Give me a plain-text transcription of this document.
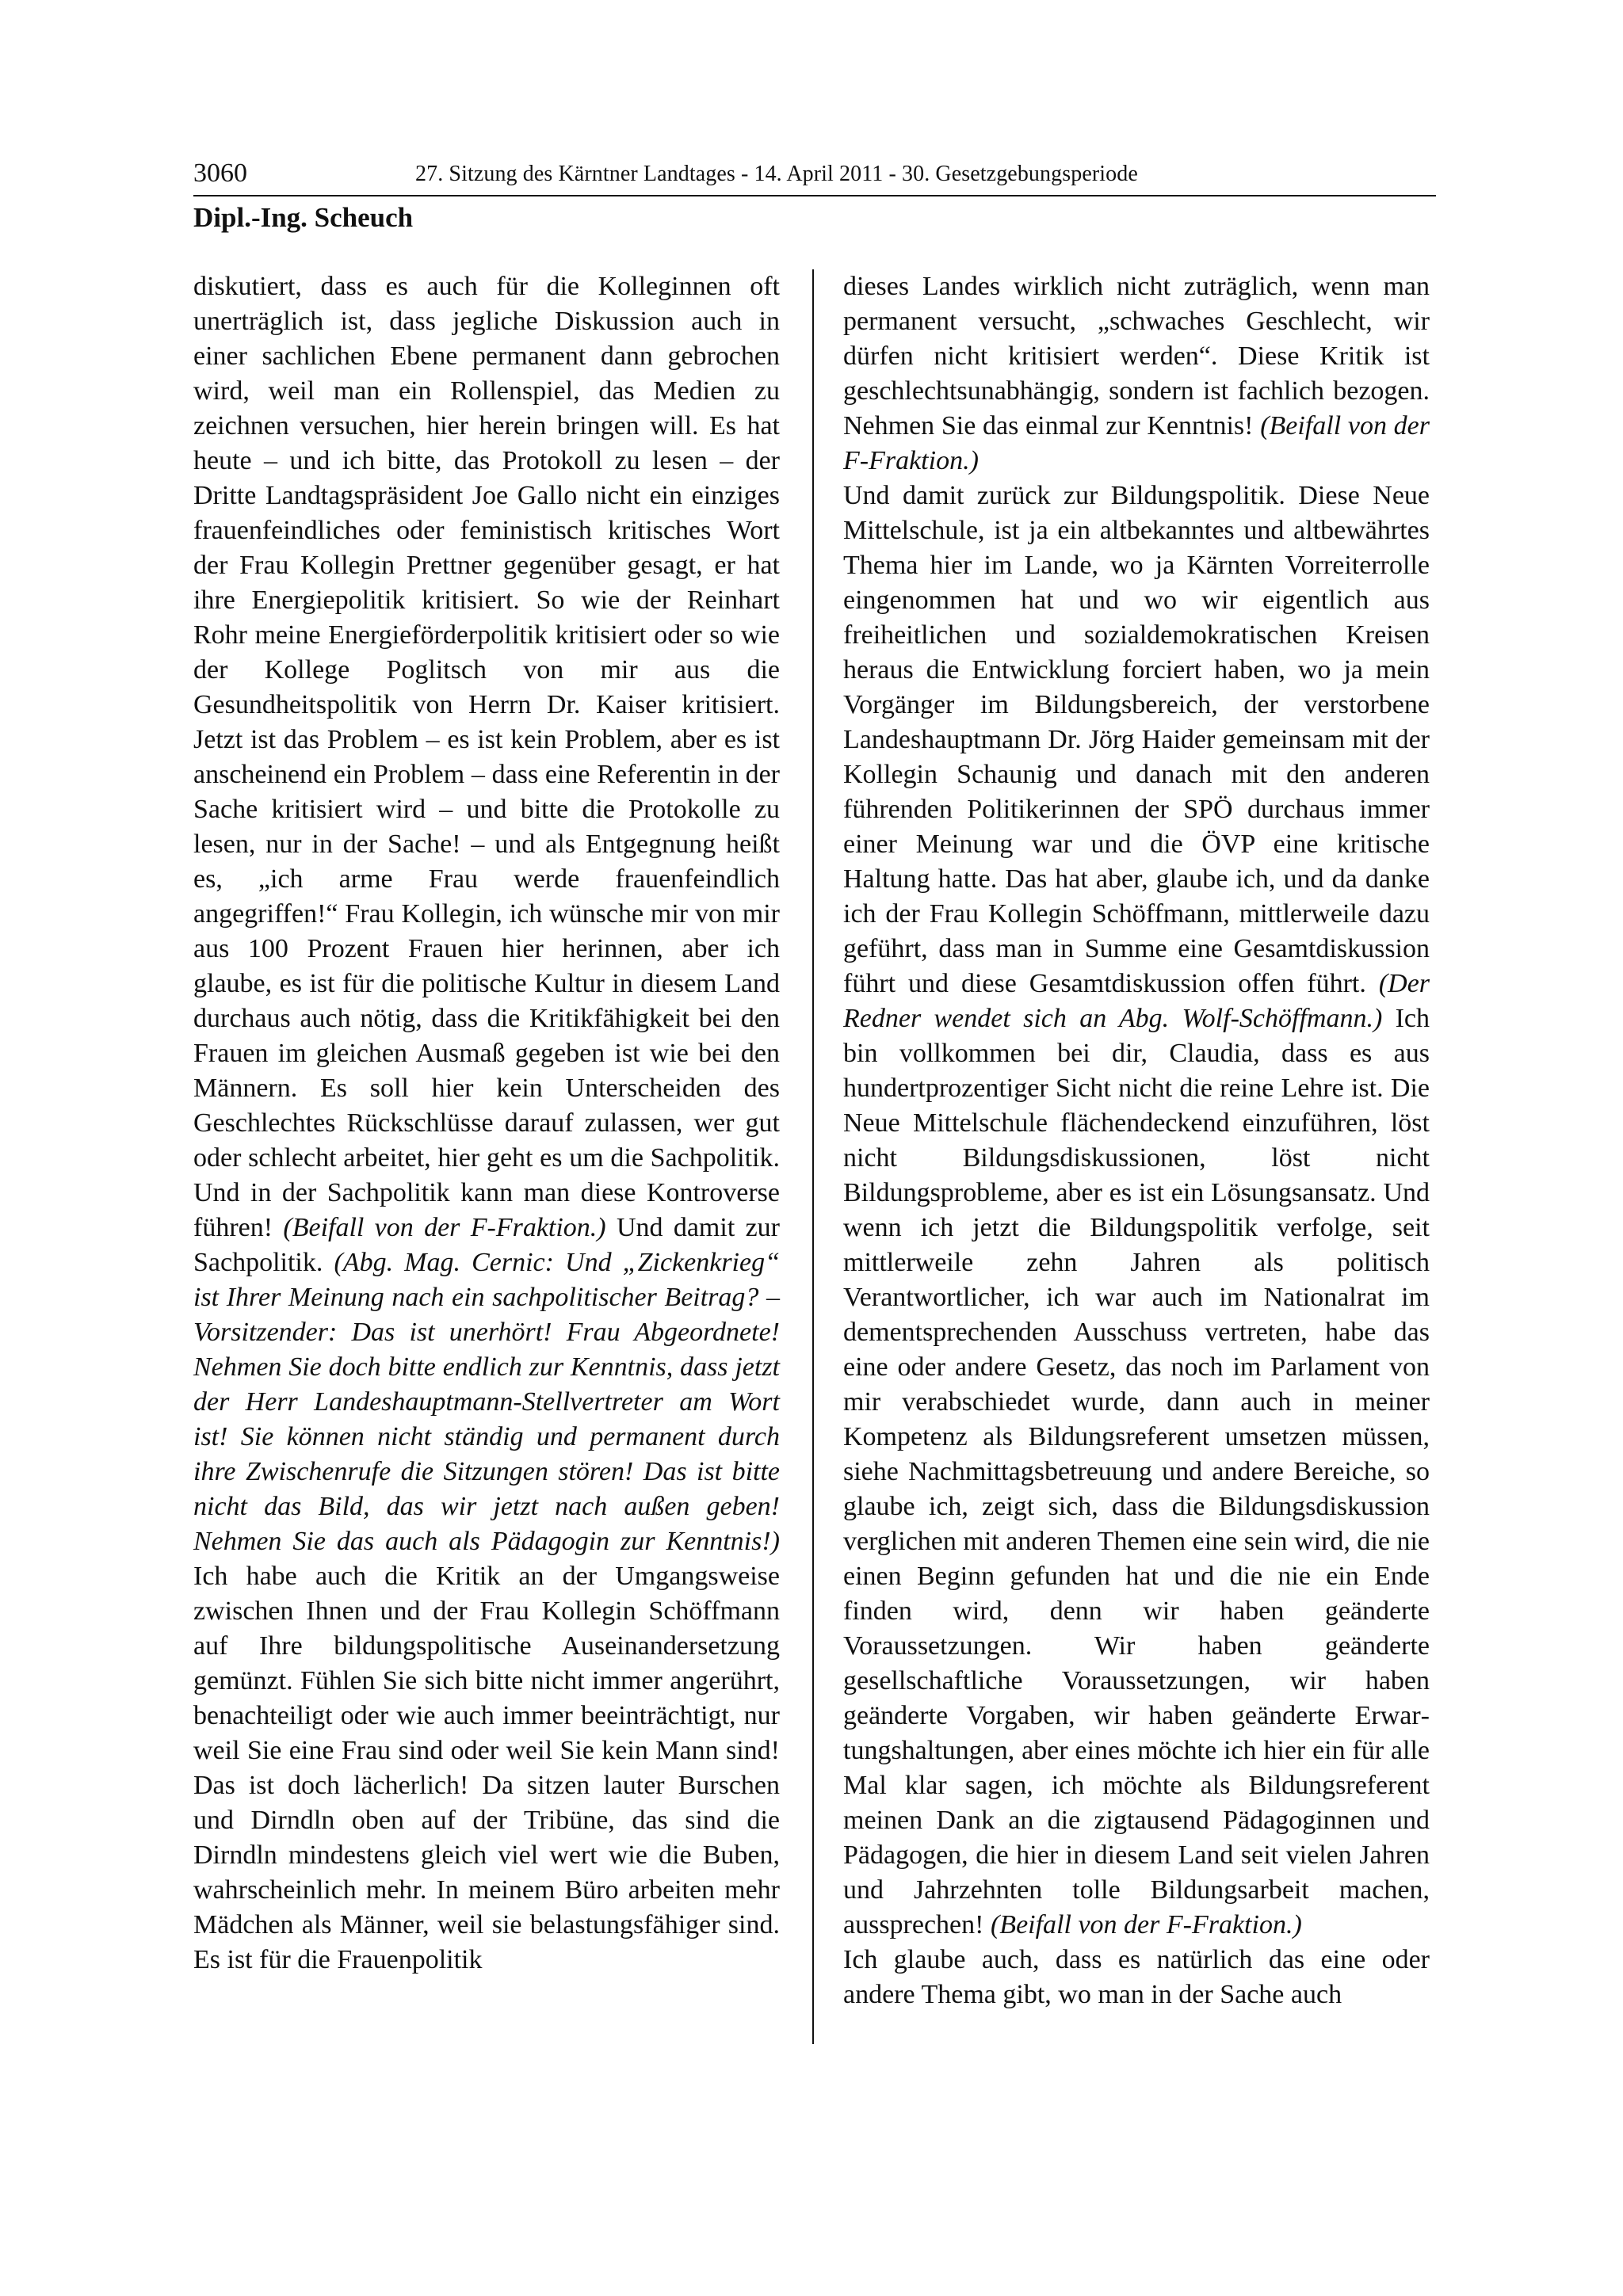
3060	27. Sitzung des Kärntner Landtages - 14. April 2011 - 30. Gesetzgebungsperiode
Dipl.-Ing. Scheuch

diskutiert, dass es auch für die Kolleginnen oft unerträglich ist, dass jegliche Diskussion auch in einer sachlichen Ebene permanent dann gebrochen wird, weil man ein Rollenspiel, das Medien zu zeichnen versuchen, hier herein bringen will. Es hat heute – und ich bitte, das Protokoll zu lesen – der Dritte Landtagspräsident Joe Gallo nicht ein einziges frauenfeindliches oder feministisch kritisches Wort der Frau Kollegin Prettner gegenüber gesagt, er hat ihre Energiepolitik kritisiert. So wie der Reinhart Rohr meine Energieförderpolitik kritisiert oder so wie der Kollege Poglitsch von mir aus die Gesundheitspolitik von Herrn Dr. Kaiser kritisiert. Jetzt ist das Problem – es ist kein Problem, aber es ist anscheinend ein Problem – dass eine Referentin in der Sache kritisiert wird – und bitte die Protokolle zu lesen, nur in der Sache! – und als Entgegnung heißt es, „ich arme Frau werde frauenfeindlich angegriffen!“ Frau Kollegin, ich wünsche mir von mir aus 100 Prozent Frauen hier herinnen, aber ich glaube, es ist für die politische Kultur in diesem Land durchaus auch nötig, dass die Kritikfähigkeit bei den Frauen im gleichen Ausmaß gegeben ist wie bei den Männern. Es soll hier kein Unterscheiden des Geschlechtes Rückschlüsse darauf zulassen, wer gut oder schlecht arbeitet, hier geht es um die Sachpolitik. Und in der Sachpolitik kann man diese Kontroverse führen! (Beifall von der F-Fraktion.) Und damit zur Sachpolitik. (Abg. Mag. Cernic: Und „Zickenkrieg“ ist Ihrer Meinung nach ein sachpolitischer Beitrag? – Vorsitzender: Das ist unerhört! Frau Abgeordnete! Nehmen Sie doch bitte endlich zur Kenntnis, dass jetzt der Herr Landeshauptmann-Stellvertreter am Wort ist! Sie können nicht ständig und permanent durch ihre Zwischenrufe die Sitzungen stören! Das ist bitte nicht das Bild, das wir jetzt nach außen geben! Nehmen Sie das auch als Pädagogin zur Kenntnis!) Ich habe auch die Kritik an der Umgangsweise zwischen Ihnen und der Frau Kollegin Schöffmann auf Ihre bildungspolitische Auseinandersetzung gemünzt. Fühlen Sie sich bitte nicht immer angerührt, benachteiligt oder wie auch immer beeinträchtigt, nur weil Sie eine Frau sind oder weil Sie kein Mann sind! Das ist doch lächerlich! Da sitzen lauter Burschen und Dirndln oben auf der Tribüne, das sind die Dirndln mindestens gleich viel wert wie die Buben, wahrscheinlich mehr. In meinem Büro arbeiten mehr Mädchen als Männer, weil sie belastungsfähiger sind. Es ist für die Frauenpolitik

dieses Landes wirklich nicht zuträglich, wenn man permanent versucht, „schwaches Geschlecht, wir dürfen nicht kritisiert werden“. Diese Kritik ist geschlechtsunabhängig, sondern ist fachlich bezogen. Nehmen Sie das einmal zur Kenntnis! (Beifall von der F-Fraktion.)

Und damit zurück zur Bildungspolitik. Diese Neue Mittelschule, ist ja ein altbekanntes und altbewährtes Thema hier im Lande, wo ja Kärnten Vorreiterrolle eingenommen hat und wo wir eigentlich aus freiheitlichen und sozialdemokratischen Kreisen heraus die Entwicklung forciert haben, wo ja mein Vorgänger im Bildungsbereich, der verstorbene Landeshauptmann Dr. Jörg Haider gemeinsam mit der Kollegin Schaunig und danach mit den anderen führenden Politikerinnen der SPÖ durchaus immer einer Meinung war und die ÖVP eine kritische Haltung hatte. Das hat aber, glaube ich, und da danke ich der Frau Kollegin Schöffmann, mittlerweile dazu geführt, dass man in Summe eine Gesamtdiskussion führt und diese Gesamtdiskussion offen führt. (Der Redner wendet sich an Abg. Wolf-Schöffmann.) Ich bin vollkommen bei dir, Claudia, dass es aus hundertprozentiger Sicht nicht die reine Lehre ist. Die Neue Mittelschule flächendeckend einzuführen, löst nicht Bildungsdiskussionen, löst nicht Bildungsprobleme, aber es ist ein Lösungsansatz. Und wenn ich jetzt die Bildungspolitik verfolge, seit mittlerweile zehn Jahren als politisch Verantwortlicher, ich war auch im Nationalrat im dementsprechenden Ausschuss vertreten, habe das eine oder andere Gesetz, das noch im Parlament von mir verabschiedet wurde, dann auch in meiner Kompetenz als Bildungsreferent umsetzen müssen, siehe Nachmittagsbetreuung und andere Bereiche, so glaube ich, zeigt sich, dass die Bildungsdiskussion verglichen mit anderen Themen eine sein wird, die nie einen Beginn gefunden hat und die nie ein Ende finden wird, denn wir haben geänderte Voraussetzungen. Wir haben geänderte gesellschaftliche Voraussetzungen, wir haben geänderte Vorgaben, wir haben geänderte Erwartungshaltungen, aber eines möchte ich hier ein für alle Mal klar sagen, ich möchte als Bildungsreferent meinen Dank an die zigtausend Pädagoginnen und Pädagogen, die hier in diesem Land seit vielen Jahren und Jahrzehnten tolle Bildungsarbeit machen, aussprechen! (Beifall von der F-Fraktion.)

Ich glaube auch, dass es natürlich das eine oder andere Thema gibt, wo man in der Sache auch
